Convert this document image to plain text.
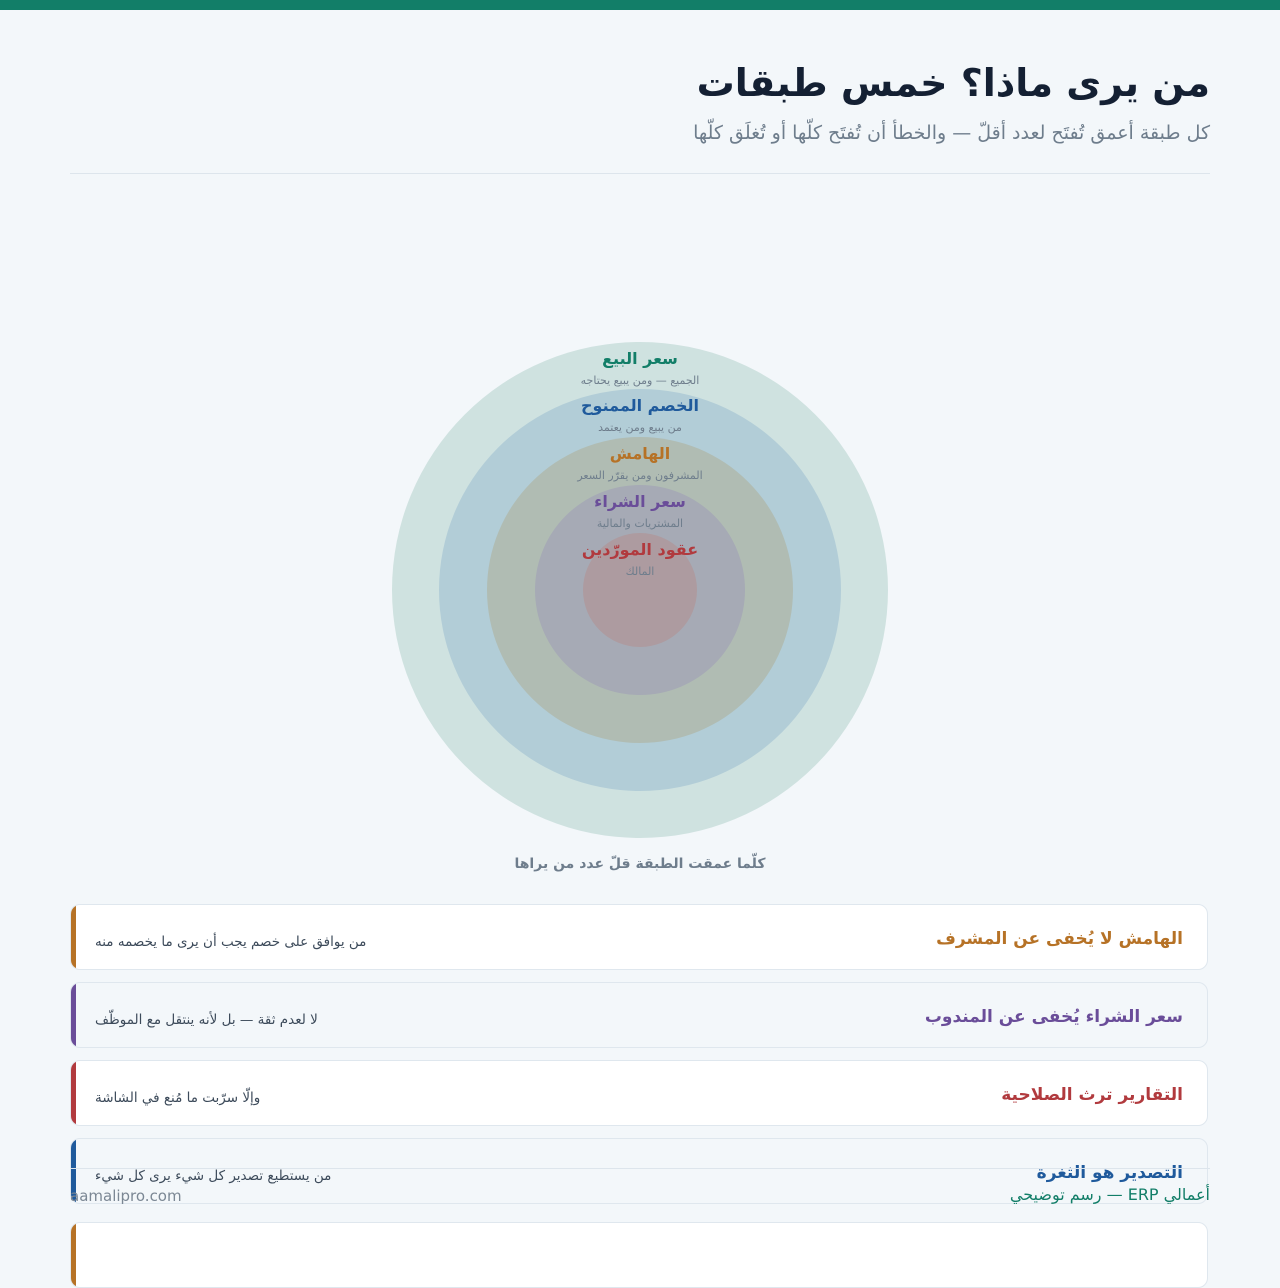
من يرى ماذا؟ خمس طبقات
كل طبقة أعمق تُفتَح لعدد أقلّ — والخطأ أن تُفتَح كلّها أو تُغلَق كلّها
سعر البيع
الجميع — ومن يبيع يحتاجه
الخصم الممنوح
من يبيع ومن يعتمد
الهامش
المشرفون ومن يقرّر السعر
سعر الشراء
المشتريات والمالية
عقود المورّدين
المالك
كلّما عمقت الطبقة قلّ عدد من يراها
الهامش لا يُخفى عن المشرف
من يوافق على خصم يجب أن يرى ما يخصمه منه
سعر الشراء يُخفى عن المندوب
لا لعدم ثقة — بل لأنه ينتقل مع الموظّف
التقارير ترث الصلاحية
وإلّا سرّبت ما مُنع في الشاشة
التصدير هو الثغرة
من يستطيع تصدير كل شيء يرى كل شيء
aamalipro.com	أعمالي ERP — رسم توضيحي
